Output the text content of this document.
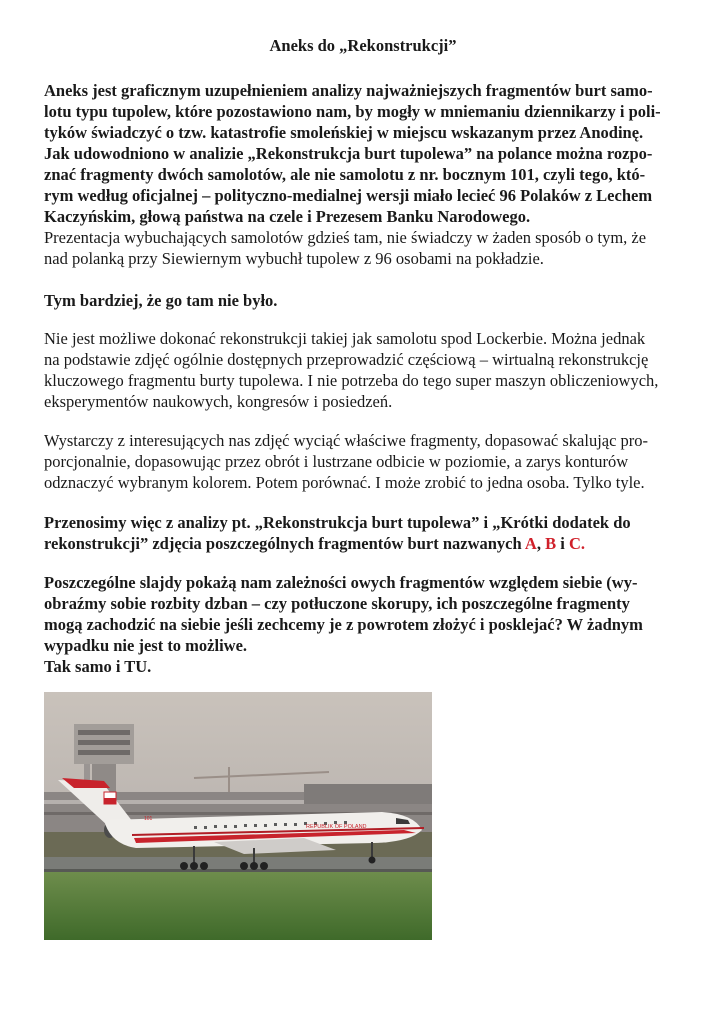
Aneks do „Rekonstrukcji”
Aneks jest graficznym uzupełnieniem analizy najważniejszych fragmentów burt samo-
lotu typu tupolew, które pozostawiono nam, by mogły w mniemaniu dziennikarzy i poli-
tyków świadczyć o tzw. katastrofie smoleńskiej w miejscu wskazanym przez Anodinę.
Jak udowodniono w analizie „Rekonstrukcja burt tupolewa” na polance można rozpo-
znać fragmenty dwóch samolotów, ale nie samolotu z nr. bocznym 101, czyli tego, któ-
rym według oficjalnej – polityczno-medialnej wersji miało lecieć 96 Polaków z Lechem
Kaczyńskim, głową państwa na czele i Prezesem Banku Narodowego.
Prezentacja wybuchających samolotów gdzieś tam, nie świadczy w żaden sposób o tym, że
nad polanką przy Siewiernym wybuchł tupolew z 96 osobami na pokładzie.
Tym bardziej, że go tam nie było.
Nie jest możliwe dokonać rekonstrukcji takiej jak samolotu spod Lockerbie. Można jednak
na podstawie zdjęć ogólnie dostępnych przeprowadzić częściową – wirtualną rekonstrukcję
kluczowego fragmentu burty tupolewa. I nie potrzeba do tego super maszyn obliczeniowych,
eksperymentów naukowych, kongresów i posiedzeń.
Wystarczy z interesujących nas zdjęć wyciąć właściwe fragmenty, dopasować skalując pro-
porcjonalnie, dopasowując przez obrót i lustrzane odbicie w poziomie, a zarys konturów
odznaczyć wybranym kolorem. Potem porównać. I może zrobić to jedna osoba. Tylko tyle.
Przenosimy więc z analizy pt. „Rekonstrukcja burt tupolewa” i „Krótki dodatek do
rekonstrukcji” zdjęcia poszczególnych fragmentów burt nazwanych A, B i C.
Poszczególne slajdy pokażą nam zależności owych fragmentów względem siebie (wy-
obraźmy sobie rozbity dzban – czy potłuczone skorupy, ich poszczególne fragmenty
mogą zachodzić na siebie jeśli zechcemy je z powrotem złożyć i posklejać? W żadnym
wypadku nie jest to możliwe.
Tak samo i TU.
REPUBLIK OF POLAND
101
